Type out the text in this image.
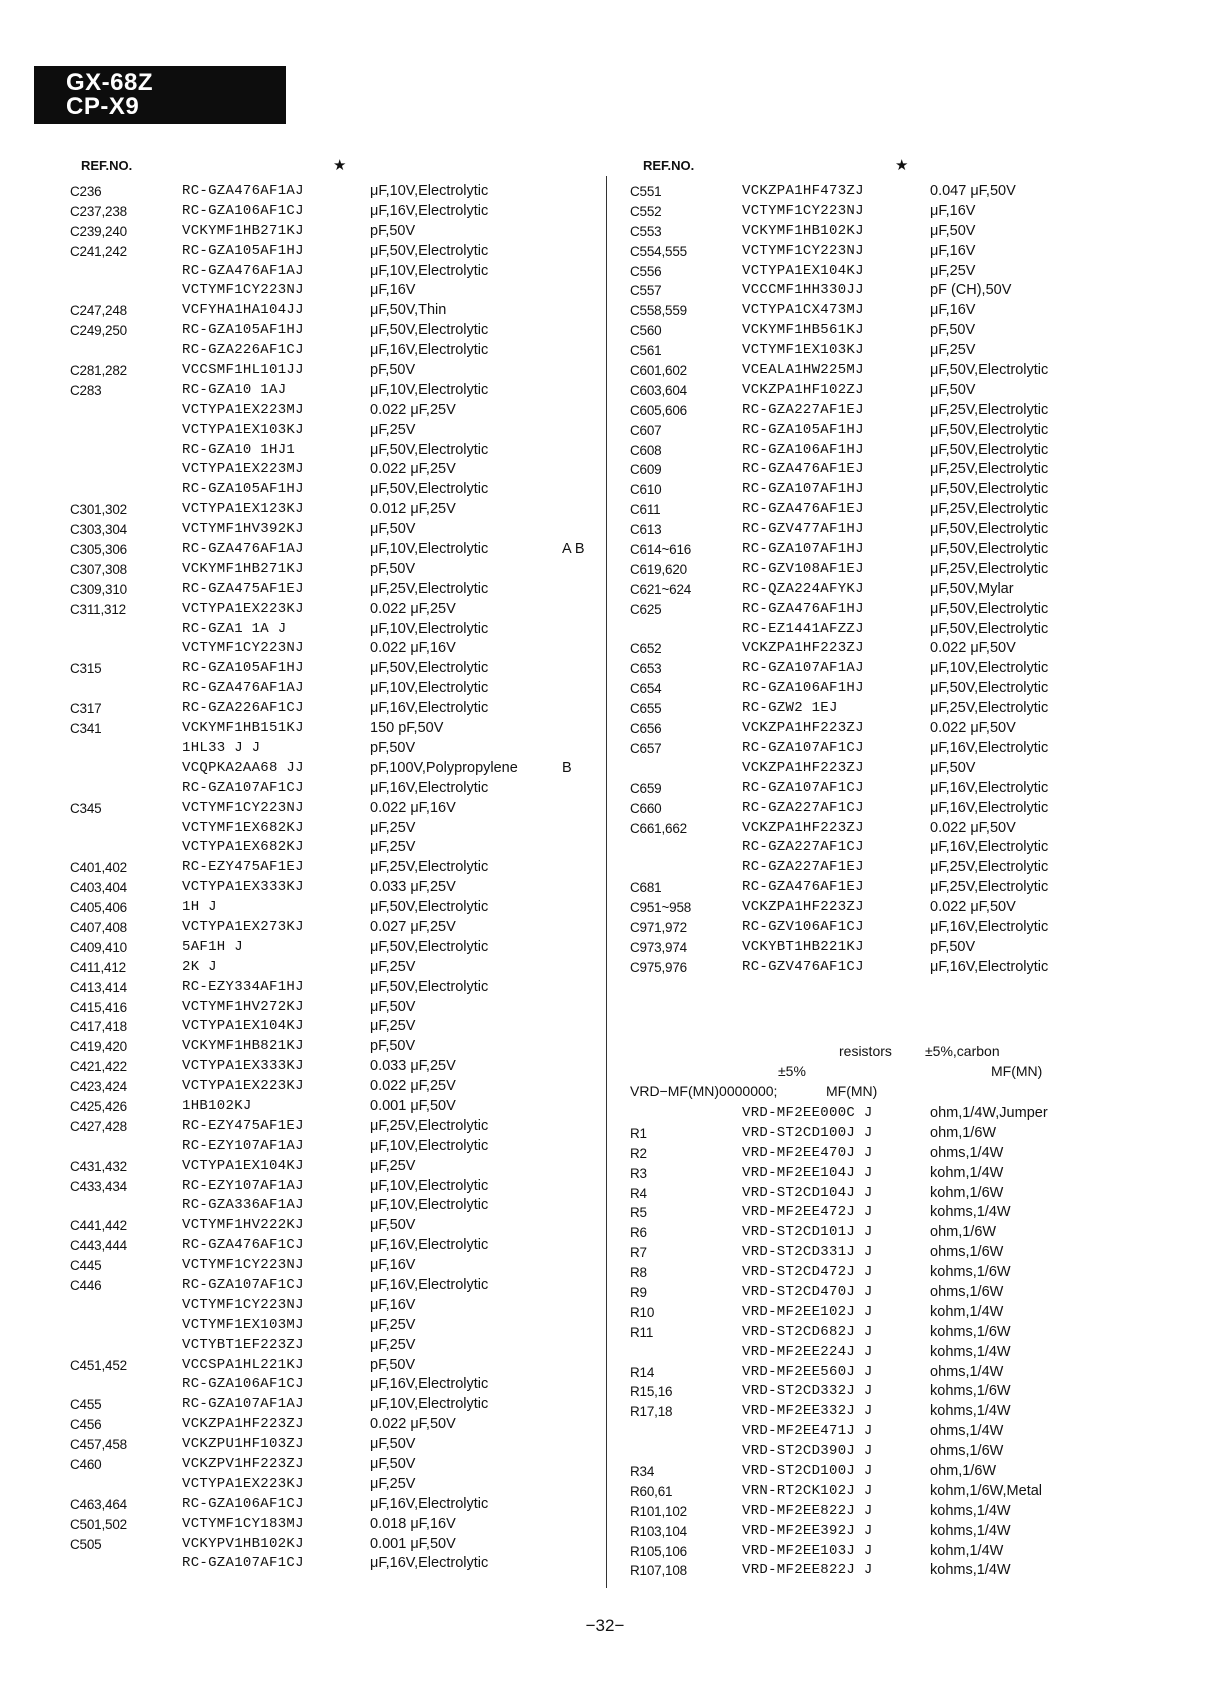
GX-68Z
CP-X9
REF.NO.	★	REF.NO.	★
C236	RC-GZA476AF1AJ	μF,10V,Electrolytic
C237,238	RC-GZA106AF1CJ	μF,16V,Electrolytic
C239,240	VCKYMF1HB271KJ	pF,50V
C241,242	RC-GZA105AF1HJ	μF,50V,Electrolytic
RC-GZA476AF1AJ	μF,10V,Electrolytic
VCTYMF1CY223NJ	μF,16V
C247,248	VCFYHA1HA104JJ	μF,50V,Thin
C249,250	RC-GZA105AF1HJ	μF,50V,Electrolytic
RC-GZA226AF1CJ	μF,16V,Electrolytic
C281,282	VCCSMF1HL101JJ	pF,50V
C283	RC-GZA10 1AJ	μF,10V,Electrolytic
VCTYPA1EX223MJ	0.022 μF,25V
VCTYPA1EX103KJ	μF,25V
RC-GZA10 1HJ1	μF,50V,Electrolytic
VCTYPA1EX223MJ	0.022 μF,25V
RC-GZA105AF1HJ	μF,50V,Electrolytic
C301,302	VCTYPA1EX123KJ	0.012 μF,25V
C303,304	VCTYMF1HV392KJ	μF,50V
C305,306	RC-GZA476AF1AJ	μF,10V,Electrolytic	A B
C307,308	VCKYMF1HB271KJ	pF,50V
C309,310	RC-GZA475AF1EJ	μF,25V,Electrolytic
C311,312	VCTYPA1EX223KJ	0.022 μF,25V
RC-GZA1 1A J	μF,10V,Electrolytic
VCTYMF1CY223NJ	0.022 μF,16V
C315	RC-GZA105AF1HJ	μF,50V,Electrolytic
RC-GZA476AF1AJ	μF,10V,Electrolytic
C317	RC-GZA226AF1CJ	μF,16V,Electrolytic
C341	VCKYMF1HB151KJ	150 pF,50V
1HL33 J J	pF,50V
VCQPKA2AA68 JJ	pF,100V,Polypropylene	B
RC-GZA107AF1CJ	μF,16V,Electrolytic
C345	VCTYMF1CY223NJ	0.022 μF,16V
VCTYMF1EX682KJ	μF,25V
VCTYPA1EX682KJ	μF,25V
C401,402	RC-EZY475AF1EJ	μF,25V,Electrolytic
C403,404	VCTYPA1EX333KJ	0.033 μF,25V
C405,406	1H J	μF,50V,Electrolytic
C407,408	VCTYPA1EX273KJ	0.027 μF,25V
C409,410	5AF1H J	μF,50V,Electrolytic
C411,412	2K J	μF,25V
C413,414	RC-EZY334AF1HJ	μF,50V,Electrolytic
C415,416	VCTYMF1HV272KJ	μF,50V
C417,418	VCTYPA1EX104KJ	μF,25V
C419,420	VCKYMF1HB821KJ	pF,50V
C421,422	VCTYPA1EX333KJ	0.033 μF,25V
C423,424	VCTYPA1EX223KJ	0.022 μF,25V
C425,426	1HB102KJ	0.001 μF,50V
C427,428	RC-EZY475AF1EJ	μF,25V,Electrolytic
RC-EZY107AF1AJ	μF,10V,Electrolytic
C431,432	VCTYPA1EX104KJ	μF,25V
C433,434	RC-EZY107AF1AJ	μF,10V,Electrolytic
RC-GZA336AF1AJ	μF,10V,Electrolytic
C441,442	VCTYMF1HV222KJ	μF,50V
C443,444	RC-GZA476AF1CJ	μF,16V,Electrolytic
C445	VCTYMF1CY223NJ	μF,16V
C446	RC-GZA107AF1CJ	μF,16V,Electrolytic
VCTYMF1CY223NJ	μF,16V
VCTYMF1EX103MJ	μF,25V
VCTYBT1EF223ZJ	μF,25V
C451,452	VCCSPA1HL221KJ	pF,50V
RC-GZA106AF1CJ	μF,16V,Electrolytic
C455	RC-GZA107AF1AJ	μF,10V,Electrolytic
C456	VCKZPA1HF223ZJ	0.022 μF,50V
C457,458	VCKZPU1HF103ZJ	μF,50V
C460	VCKZPV1HF223ZJ	μF,50V
VCTYPA1EX223KJ	μF,25V
C463,464	RC-GZA106AF1CJ	μF,16V,Electrolytic
C501,502	VCTYMF1CY183MJ	0.018 μF,16V
C505	VCKYPV1HB102KJ	0.001 μF,50V
RC-GZA107AF1CJ	μF,16V,Electrolytic
C551	VCKZPA1HF473ZJ	0.047 μF,50V
C552	VCTYMF1CY223NJ	μF,16V
C553	VCKYMF1HB102KJ	μF,50V
C554,555	VCTYMF1CY223NJ	μF,16V
C556	VCTYPA1EX104KJ	μF,25V
C557	VCCCMF1HH330JJ	pF (CH),50V
C558,559	VCTYPA1CX473MJ	μF,16V
C560	VCKYMF1HB561KJ	pF,50V
C561	VCTYMF1EX103KJ	μF,25V
C601,602	VCEALA1HW225MJ	μF,50V,Electrolytic
C603,604	VCKZPA1HF102ZJ	μF,50V
C605,606	RC-GZA227AF1EJ	μF,25V,Electrolytic
C607	RC-GZA105AF1HJ	μF,50V,Electrolytic
C608	RC-GZA106AF1HJ	μF,50V,Electrolytic
C609	RC-GZA476AF1EJ	μF,25V,Electrolytic
C610	RC-GZA107AF1HJ	μF,50V,Electrolytic
C611	RC-GZA476AF1EJ	μF,25V,Electrolytic
C613	RC-GZV477AF1HJ	μF,50V,Electrolytic
C614~616	RC-GZA107AF1HJ	μF,50V,Electrolytic
C619,620	RC-GZV108AF1EJ	μF,25V,Electrolytic
C621~624	RC-QZA224AFYKJ	μF,50V,Mylar
C625	RC-GZA476AF1HJ	μF,50V,Electrolytic
RC-EZ1441AFZZJ	μF,50V,Electrolytic
C652	VCKZPA1HF223ZJ	0.022 μF,50V
C653	RC-GZA107AF1AJ	μF,10V,Electrolytic
C654	RC-GZA106AF1HJ	μF,50V,Electrolytic
C655	RC-GZW2 1EJ	μF,25V,Electrolytic
C656	VCKZPA1HF223ZJ	0.022 μF,50V
C657	RC-GZA107AF1CJ	μF,16V,Electrolytic
VCKZPA1HF223ZJ	μF,50V
C659	RC-GZA107AF1CJ	μF,16V,Electrolytic
C660	RC-GZA227AF1CJ	μF,16V,Electrolytic
C661,662	VCKZPA1HF223ZJ	0.022 μF,50V
RC-GZA227AF1CJ	μF,16V,Electrolytic
RC-GZA227AF1EJ	μF,25V,Electrolytic
C681	RC-GZA476AF1EJ	μF,25V,Electrolytic
C951~958	VCKZPA1HF223ZJ	0.022 μF,50V
C971,972	RC-GZV106AF1CJ	μF,16V,Electrolytic
C973,974	VCKYBT1HB221KJ	pF,50V
C975,976	RC-GZV476AF1CJ	μF,16V,Electrolytic
resistors ±5%,carbon
±5%	MF(MN)
VRD−MF(MN)0000000;	MF(MN)
VRD-MF2EE000C J	ohm,1/4W,Jumper
R1	VRD-ST2CD100J J	ohm,1/6W
R2	VRD-MF2EE470J J	ohms,1/4W
R3	VRD-MF2EE104J J	kohm,1/4W
R4	VRD-ST2CD104J J	kohm,1/6W
R5	VRD-MF2EE472J J	kohms,1/4W
R6	VRD-ST2CD101J J	ohm,1/6W
R7	VRD-ST2CD331J J	ohms,1/6W
R8	VRD-ST2CD472J J	kohms,1/6W
R9	VRD-ST2CD470J J	ohms,1/6W
R10	VRD-MF2EE102J J	kohm,1/4W
R11	VRD-ST2CD682J J	kohms,1/6W
VRD-MF2EE224J J	kohms,1/4W
R14	VRD-MF2EE560J J	ohms,1/4W
R15,16	VRD-ST2CD332J J	kohms,1/6W
R17,18	VRD-MF2EE332J J	kohms,1/4W
VRD-MF2EE471J J	ohms,1/4W
VRD-ST2CD390J J	ohms,1/6W
R34	VRD-ST2CD100J J	ohm,1/6W
R60,61	VRN-RT2CK102J J	kohm,1/6W,Metal
R101,102	VRD-MF2EE822J J	kohms,1/4W
R103,104	VRD-MF2EE392J J	kohms,1/4W
R105,106	VRD-MF2EE103J J	kohm,1/4W
R107,108	VRD-MF2EE822J J	kohms,1/4W
−32−
